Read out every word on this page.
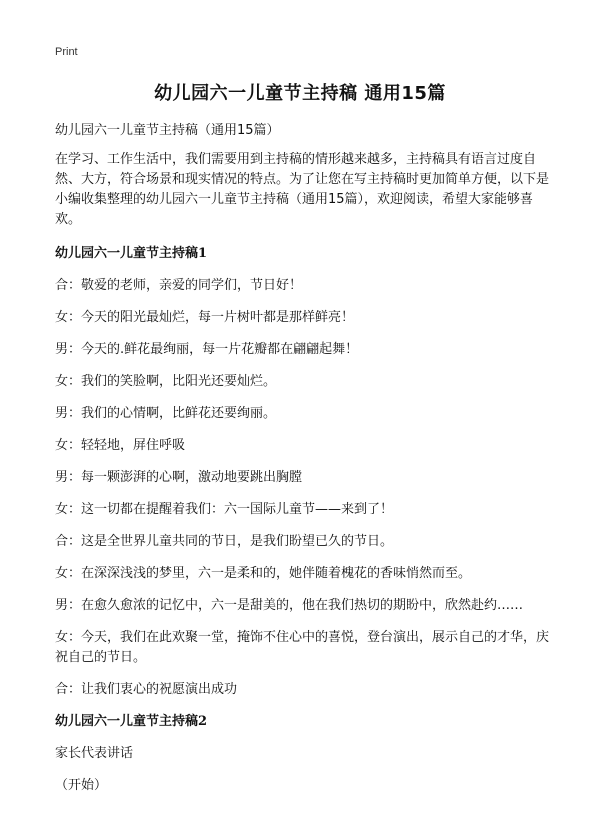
Print
幼儿园六一儿童节主持稿 通用15篇

幼儿园六一儿童节主持稿（通用15篇）

在学习、工作生活中，我们需要用到主持稿的情形越来越多，主持稿具有语言过度自然、大方，符合场景和现实情况的特点。为了让您在写主持稿时更加简单方便，以下是小编收集整理的幼儿园六一儿童节主持稿（通用15篇），欢迎阅读，希望大家能够喜欢。

幼儿园六一儿童节主持稿1

合：敬爱的老师，亲爱的同学们，节日好！

女：今天的阳光最灿烂，每一片树叶都是那样鲜亮！

男：今天的.鲜花最绚丽，每一片花瓣都在翩翩起舞！

女：我们的笑脸啊，比阳光还要灿烂。

男：我们的心情啊，比鲜花还要绚丽。

女：轻轻地，屏住呼吸

男：每一颗澎湃的心啊，激动地要跳出胸膛

女：这一切都在提醒着我们：六一国际儿童节——来到了！

合：这是全世界儿童共同的节日，是我们盼望已久的节日。

女：在深深浅浅的梦里，六一是柔和的，她伴随着槐花的香味悄然而至。

男：在愈久愈浓的记忆中，六一是甜美的，他在我们热切的期盼中，欣然赴约……

女：今天，我们在此欢聚一堂，掩饰不住心中的喜悦，登台演出，展示自己的才华，庆祝自己的节日。

合：让我们衷心的祝愿演出成功

幼儿园六一儿童节主持稿2

家长代表讲话

（开始）
